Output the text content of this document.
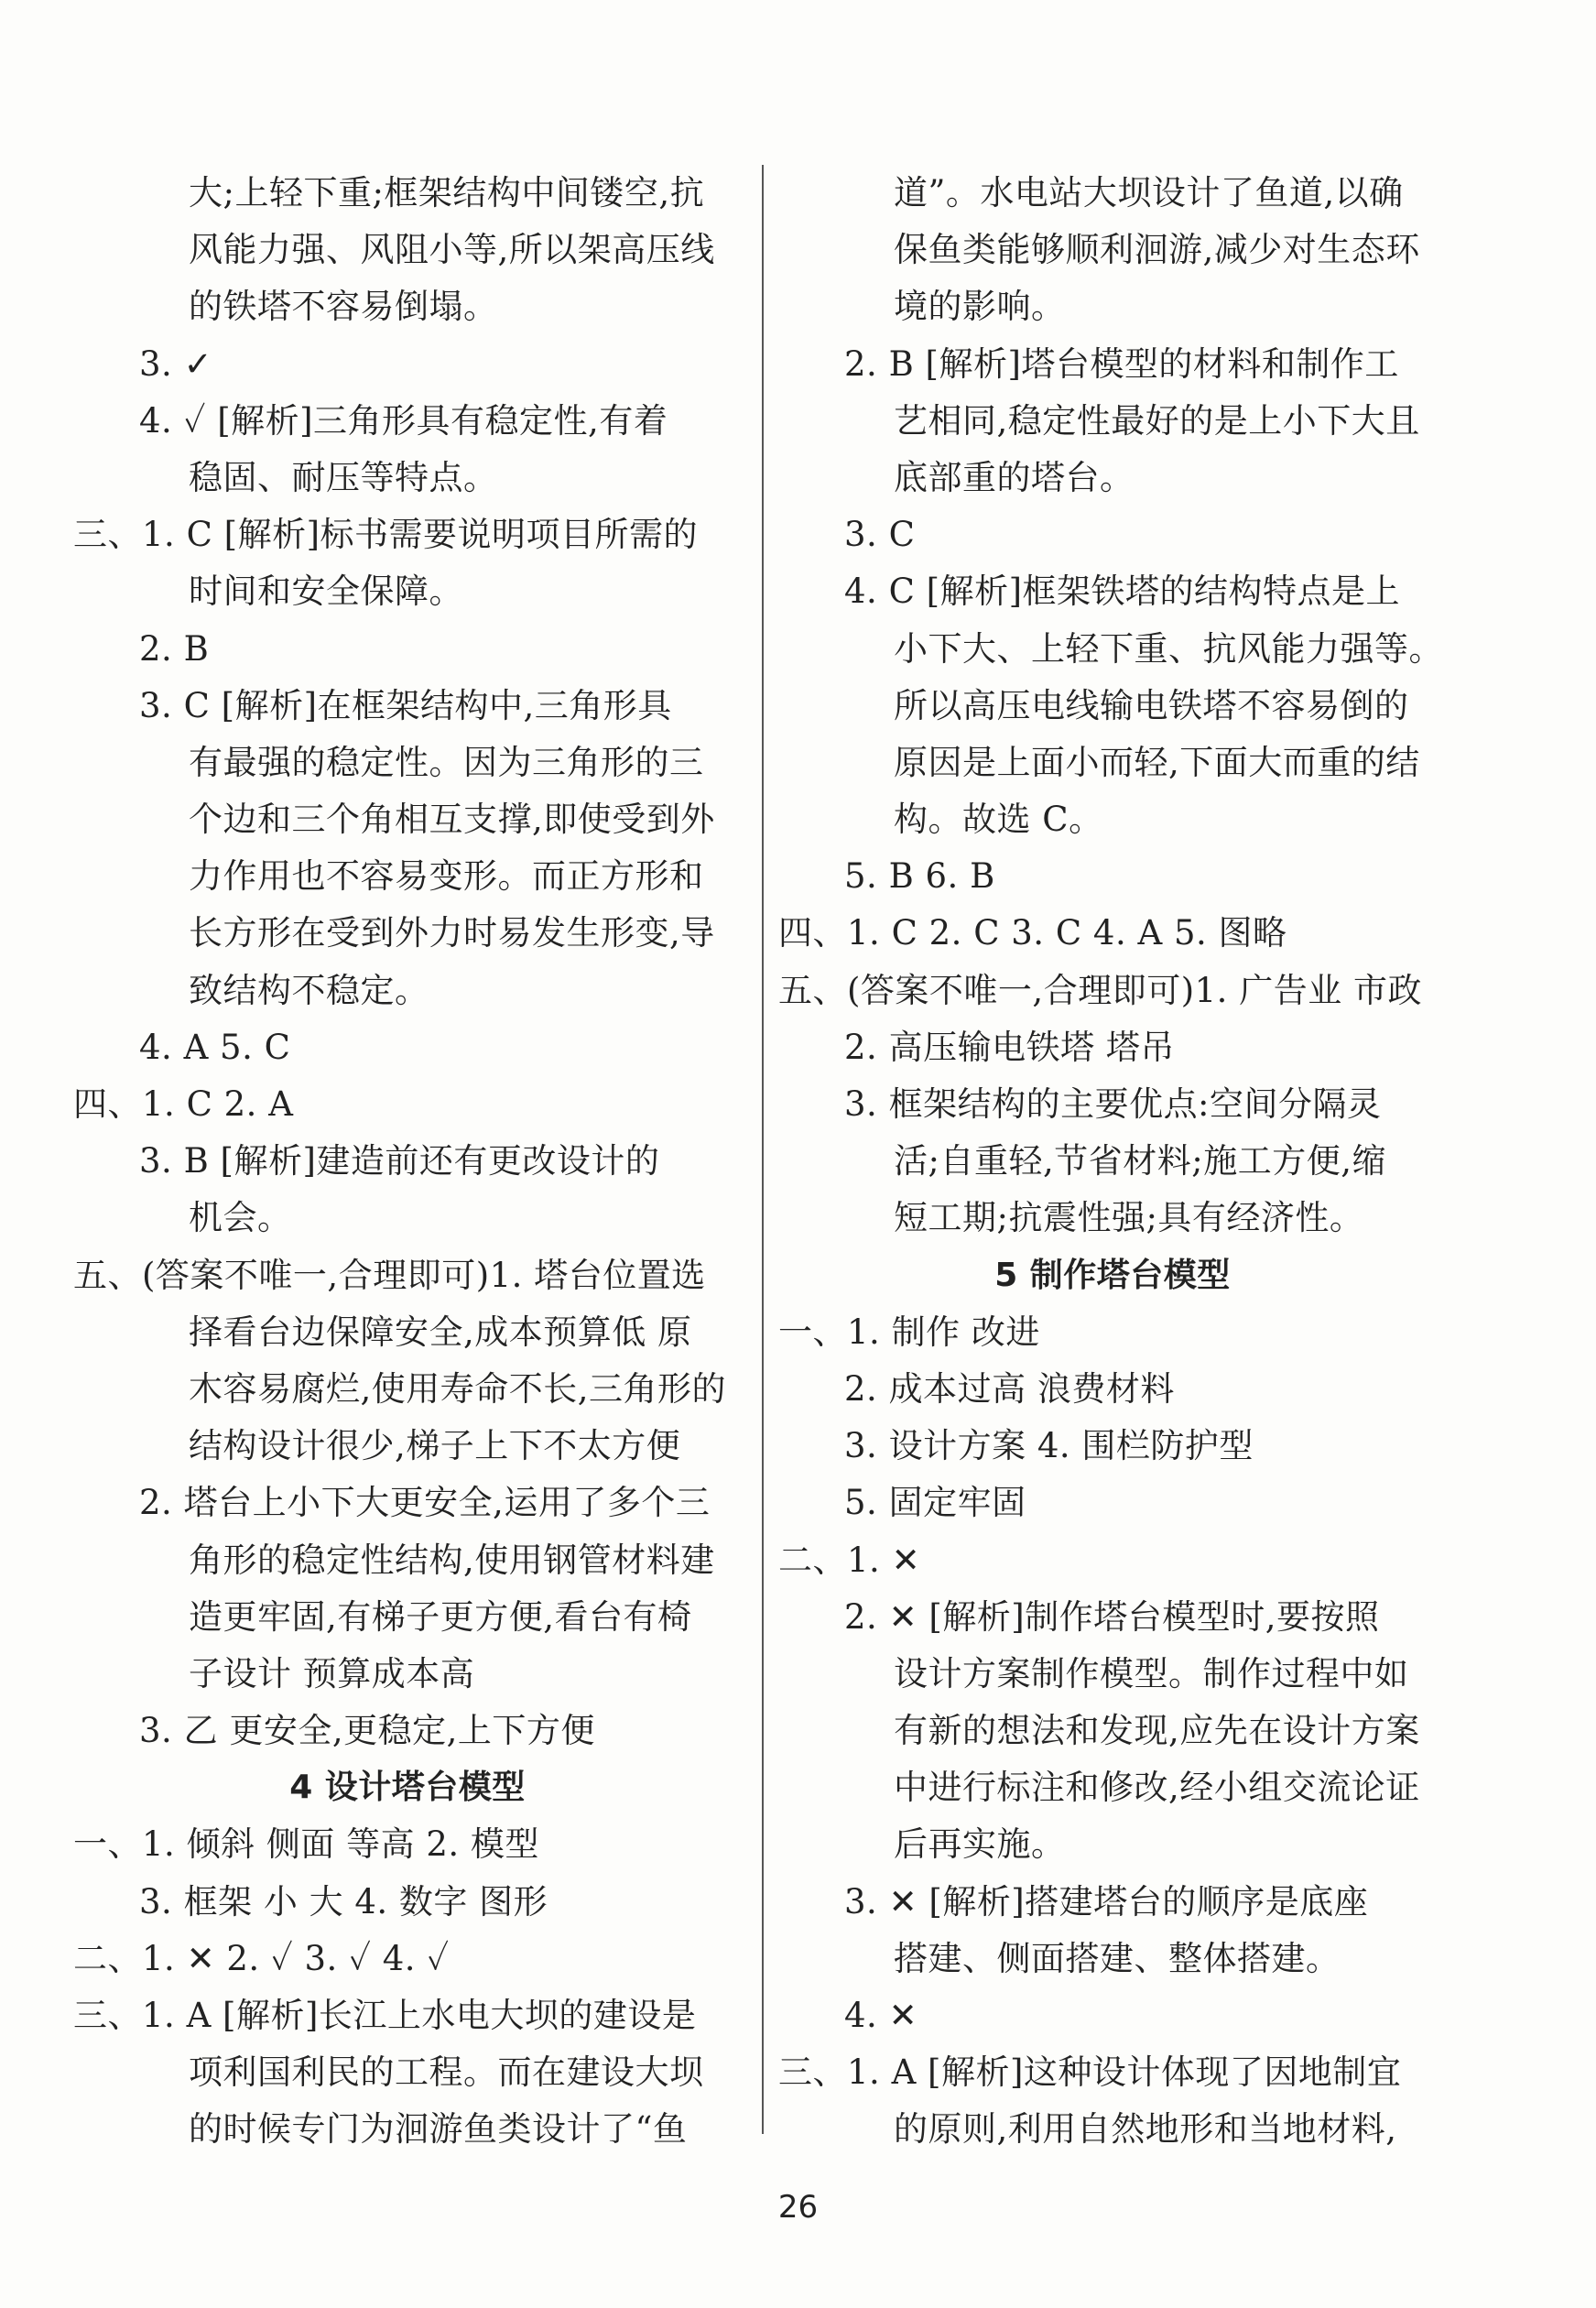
大;上轻下重;框架结构中间镂空,抗
风能力强、风阻小等,所以架高压线
的铁塔不容易倒塌。
3. ✓
4. ✓ [解析]三角形具有稳定性,有着
稳固、耐压等特点。
三、1. C [解析]标书需要说明项目所需的
时间和安全保障。
2. B
3. C [解析]在框架结构中,三角形具
有最强的稳定性。因为三角形的三
个边和三个角相互支撑,即使受到外
力作用也不容易变形。而正方形和
长方形在受到外力时易发生形变,导
致结构不稳定。
4. A 5. C
四、1. C 2. A
3. B [解析]建造前还有更改设计的
机会。
五、(答案不唯一,合理即可)1. 塔台位置选
择看台边保障安全,成本预算低 原
木容易腐烂,使用寿命不长,三角形的
结构设计很少,梯子上下不太方便
2. 塔台上小下大更安全,运用了多个三
角形的稳定性结构,使用钢管材料建
造更牢固,有梯子更方便,看台有椅
子设计 预算成本高
3. 乙 更安全,更稳定,上下方便
4 设计塔台模型
一、1. 倾斜 侧面 等高 2. 模型
3. 框架 小 大 4. 数字 图形
二、1. ✕ 2. ✓ 3. ✓ 4. ✓
三、1. A [解析]长江上水电大坝的建设是
项利国利民的工程。而在建设大坝
的时候专门为洄游鱼类设计了“鱼
道”。水电站大坝设计了鱼道,以确
保鱼类能够顺利洄游,减少对生态环
境的影响。
2. B [解析]塔台模型的材料和制作工
艺相同,稳定性最好的是上小下大且
底部重的塔台。
3. C
4. C [解析]框架铁塔的结构特点是上
小下大、上轻下重、抗风能力强等。
所以高压电线输电铁塔不容易倒的
原因是上面小而轻,下面大而重的结
构。故选 C。
5. B 6. B
四、1. C 2. C 3. C 4. A 5. 图略
五、(答案不唯一,合理即可)1. 广告业 市政
2. 高压输电铁塔 塔吊
3. 框架结构的主要优点:空间分隔灵
活;自重轻,节省材料;施工方便,缩
短工期;抗震性强;具有经济性。
5 制作塔台模型
一、1. 制作 改进
2. 成本过高 浪费材料
3. 设计方案 4. 围栏防护型
5. 固定牢固
二、1. ✕
2. ✕ [解析]制作塔台模型时,要按照
设计方案制作模型。制作过程中如
有新的想法和发现,应先在设计方案
中进行标注和修改,经小组交流论证
后再实施。
3. ✕ [解析]搭建塔台的顺序是底座
搭建、侧面搭建、整体搭建。
4. ✕
三、1. A [解析]这种设计体现了因地制宜
的原则,利用自然地形和当地材料,
26
